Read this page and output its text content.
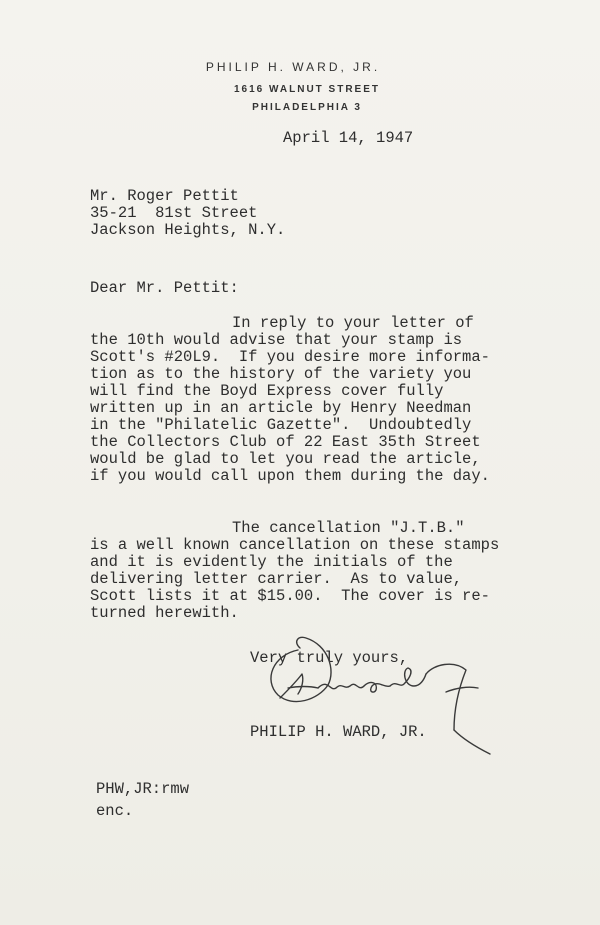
PHILIP H. WARD, JR.
1616 WALNUT STREET
PHILADELPHIA 3
April 14, 1947
Mr. Roger Pettit
35-21  81st Street
Jackson Heights, N.Y.
Dear Mr. Pettit:
In reply to your letter of
the 10th would advise that your stamp is
Scott's #20L9.  If you desire more informa-
tion as to the history of the variety you
will find the Boyd Express cover fully
written up in an article by Henry Needman
in the "Philatelic Gazette".  Undoubtedly
the Collectors Club of 22 East 35th Street
would be glad to let you read the article,
if you would call upon them during the day.
The cancellation "J.T.B."
is a well known cancellation on these stamps
and it is evidently the initials of the
delivering letter carrier.  As to value,
Scott lists it at $15.00.  The cover is re-
turned herewith.
Very truly yours,
PHILIP H. WARD, JR.
PHW,JR:rmw
enc.
